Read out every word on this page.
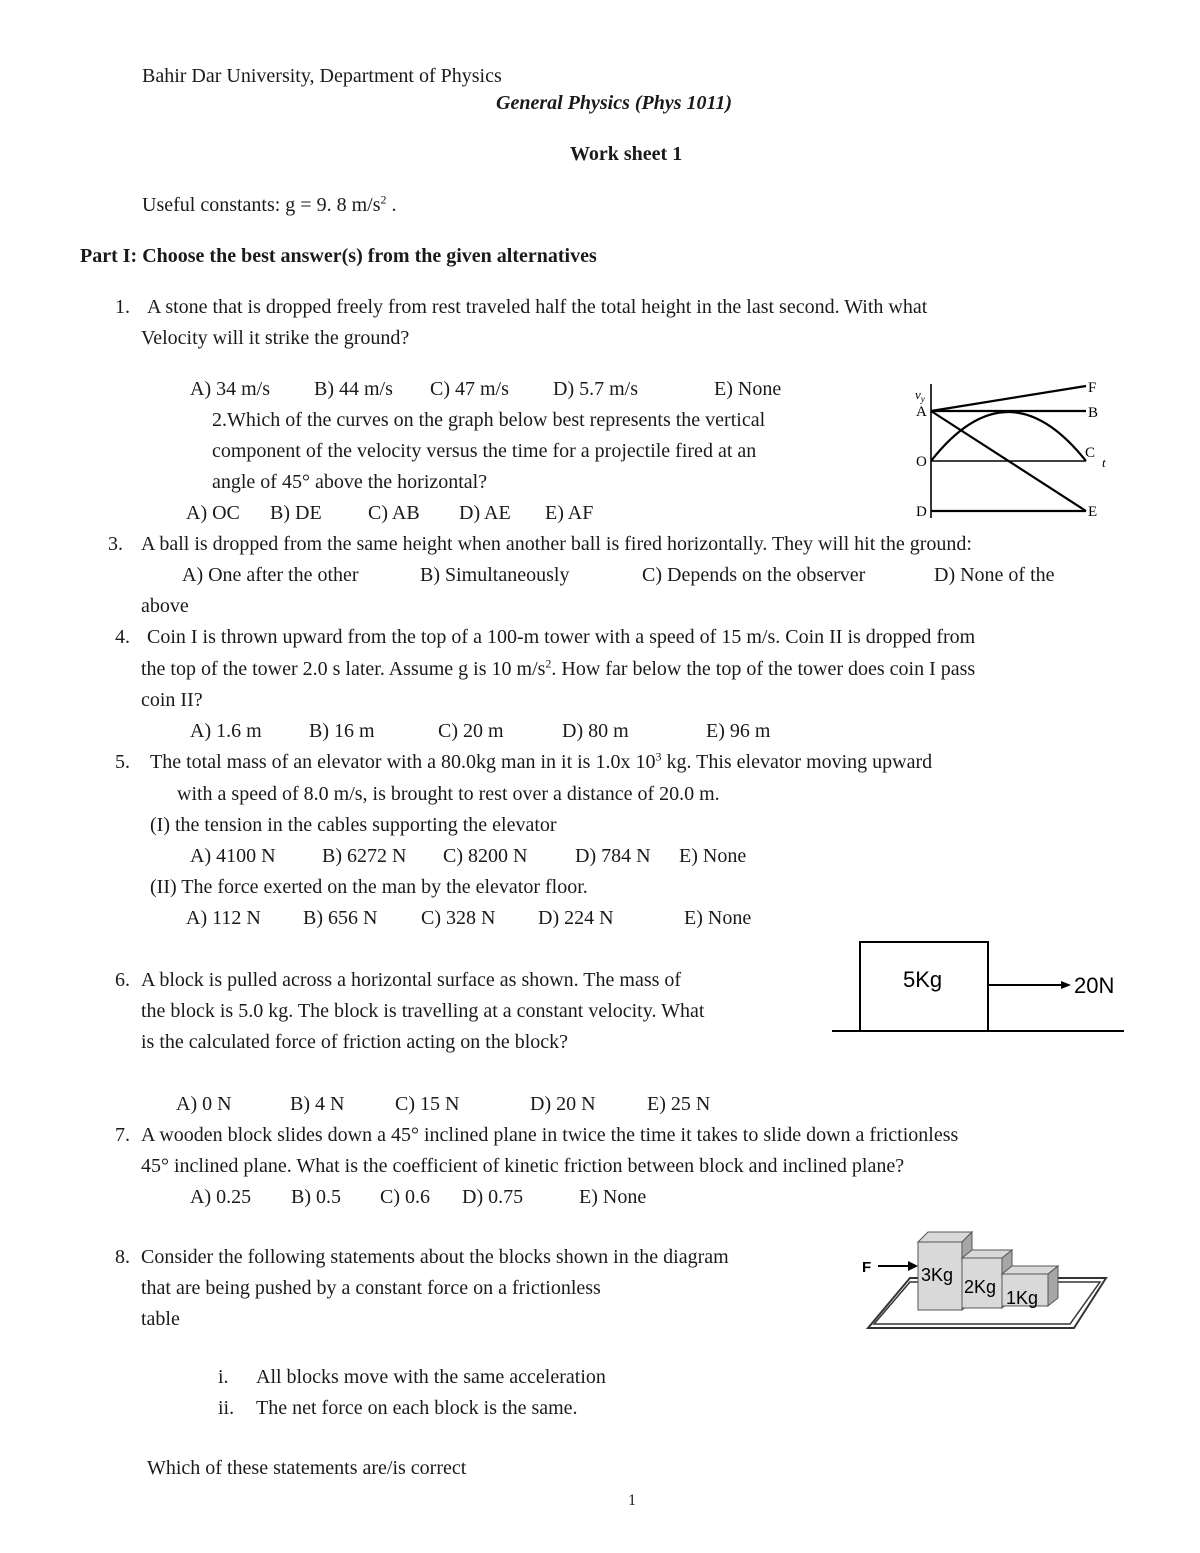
Bahir Dar University, Department of Physics
General Physics (Phys 1011)
Work sheet 1
Useful constants: g = 9. 8 $m/s^2$ .
Part I: Choose the best answer(s) from the given alternatives
1. A stone that is dropped freely from rest traveled half the total height in the last second. With what
Velocity will it strike the ground?
A) 34 m/s B) 44 m/s C) 47 m/s D) 5.7 m/s	E) None
2.Which of the curves on the graph below best represents the vertical
component of the velocity versus the time for a projectile fired at an
angle of 45° above the horizontal?
A) OC B) DE C) AB D) AE E) AF
$v_y$
A
O
D
F
B
C
E
t
3. A ball is dropped from the same height when another ball is fired horizontally. They will hit the ground:
A) One after the other	B) Simultaneously	C) Depends on the observer	D) None of the
above
4. Coin I is thrown upward from the top of a 100-m tower with a speed of 15 m/s. Coin II is dropped from
the top of the tower 2.0 s later. Assume g is 10 $m/s^2$. How far below the top of the tower does coin I pass
coin II?
A) 1.6 m B) 16 m	C) 20 m	D) 80 m	E) 96 m
5. The total mass of an elevator with a 80.0kg man in it is 1.0x $10^3$ kg. This elevator moving upward
with a speed of 8.0 m/s, is brought to rest over a distance of 20.0 m.
(I) the tension in the cables supporting the elevator
A) 4100 N B) 6272 N C) 8200 N D) 784 N E) None
(II) The force exerted on the man by the elevator floor.
A) 112 N B) 656 N C) 328 N D) 224 N	E) None
6. A block is pulled across a horizontal surface as shown. The mass of
the block is 5.0 kg. The block is travelling at a constant velocity. What
is the calculated force of friction acting on the block?
A) 0 N	B) 4 N	C) 15 N	D) 20 N	E) 25 N
5Kg	20N
7. A wooden block slides down a 45° inclined plane in twice the time it takes to slide down a frictionless
45° inclined plane. What is the coefficient of kinetic friction between block and inclined plane?
A) 0.25 B) 0.5 C) 0.6 D) 0.75	E) None
8. Consider the following statements about the blocks shown in the diagram
that are being pushed by a constant force on a frictionless
table
F	3Kg
2Kg
1Kg
i. All blocks move with the same acceleration
ii. The net force on each block is the same.
Which of these statements are/is correct
1
